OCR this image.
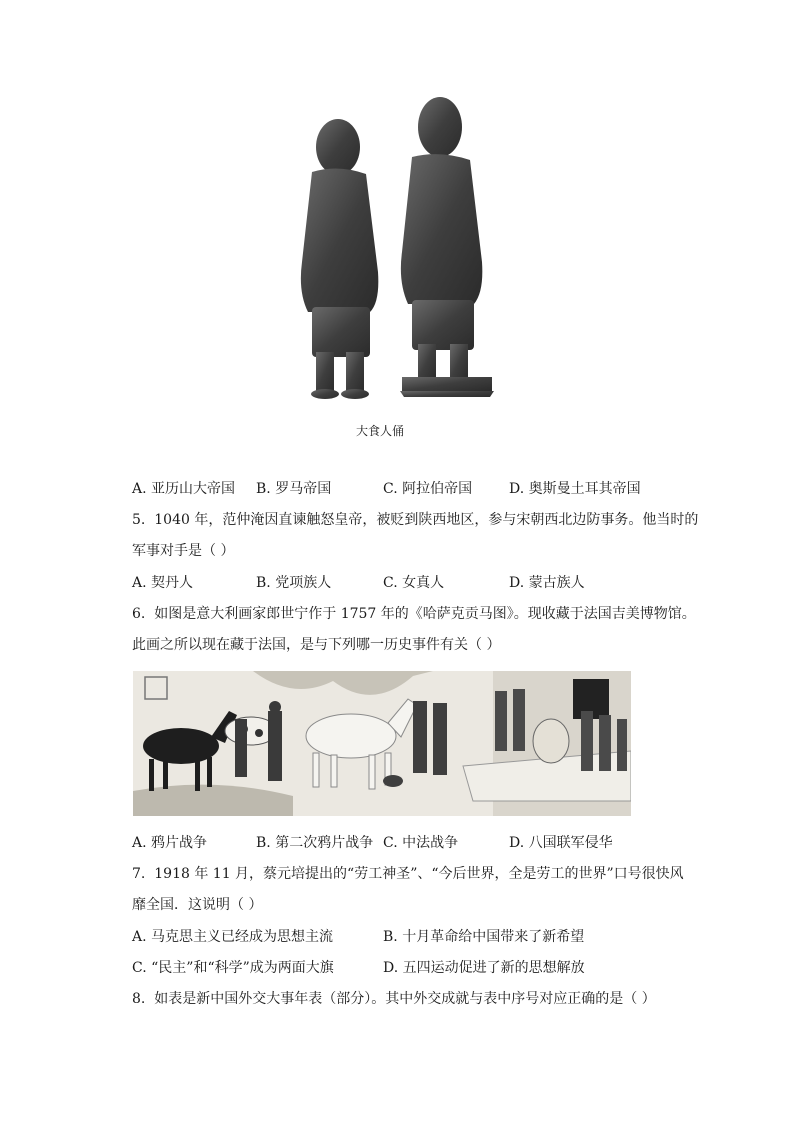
大食人俑
A. 亚历山大帝国 B. 罗马帝国	C. 阿拉伯帝国	D. 奥斯曼土耳其帝国
5. 1040 年，范仲淹因直谏触怒皇帝，被贬到陕西地区，参与宋朝西北边防事务。他当时的
军事对手是（ ）
A. 契丹人	B. 党项族人	C. 女真人	D. 蒙古族人
6. 如图是意大利画家郎世宁作于 1757 年的《哈萨克贡马图》。现收藏于法国吉美博物馆。
此画之所以现在藏于法国，是与下列哪一历史事件有关（ ）
A. 鸦片战争	B. 第二次鸦片战争 C. 中法战争	D. 八国联军侵华
7. 1918 年 11 月，蔡元培提出的“劳工神圣”、“今后世界，全是劳工的世界”口号很快风
靡全国．这说明（ ）
A. 马克思主义已经成为思想主流	B. 十月革命给中国带来了新希望
C. “民主”和“科学”成为两面大旗	D. 五四运动促进了新的思想解放
8. 如表是新中国外交大事年表（部分）。其中外交成就与表中序号对应正确的是（ ）
